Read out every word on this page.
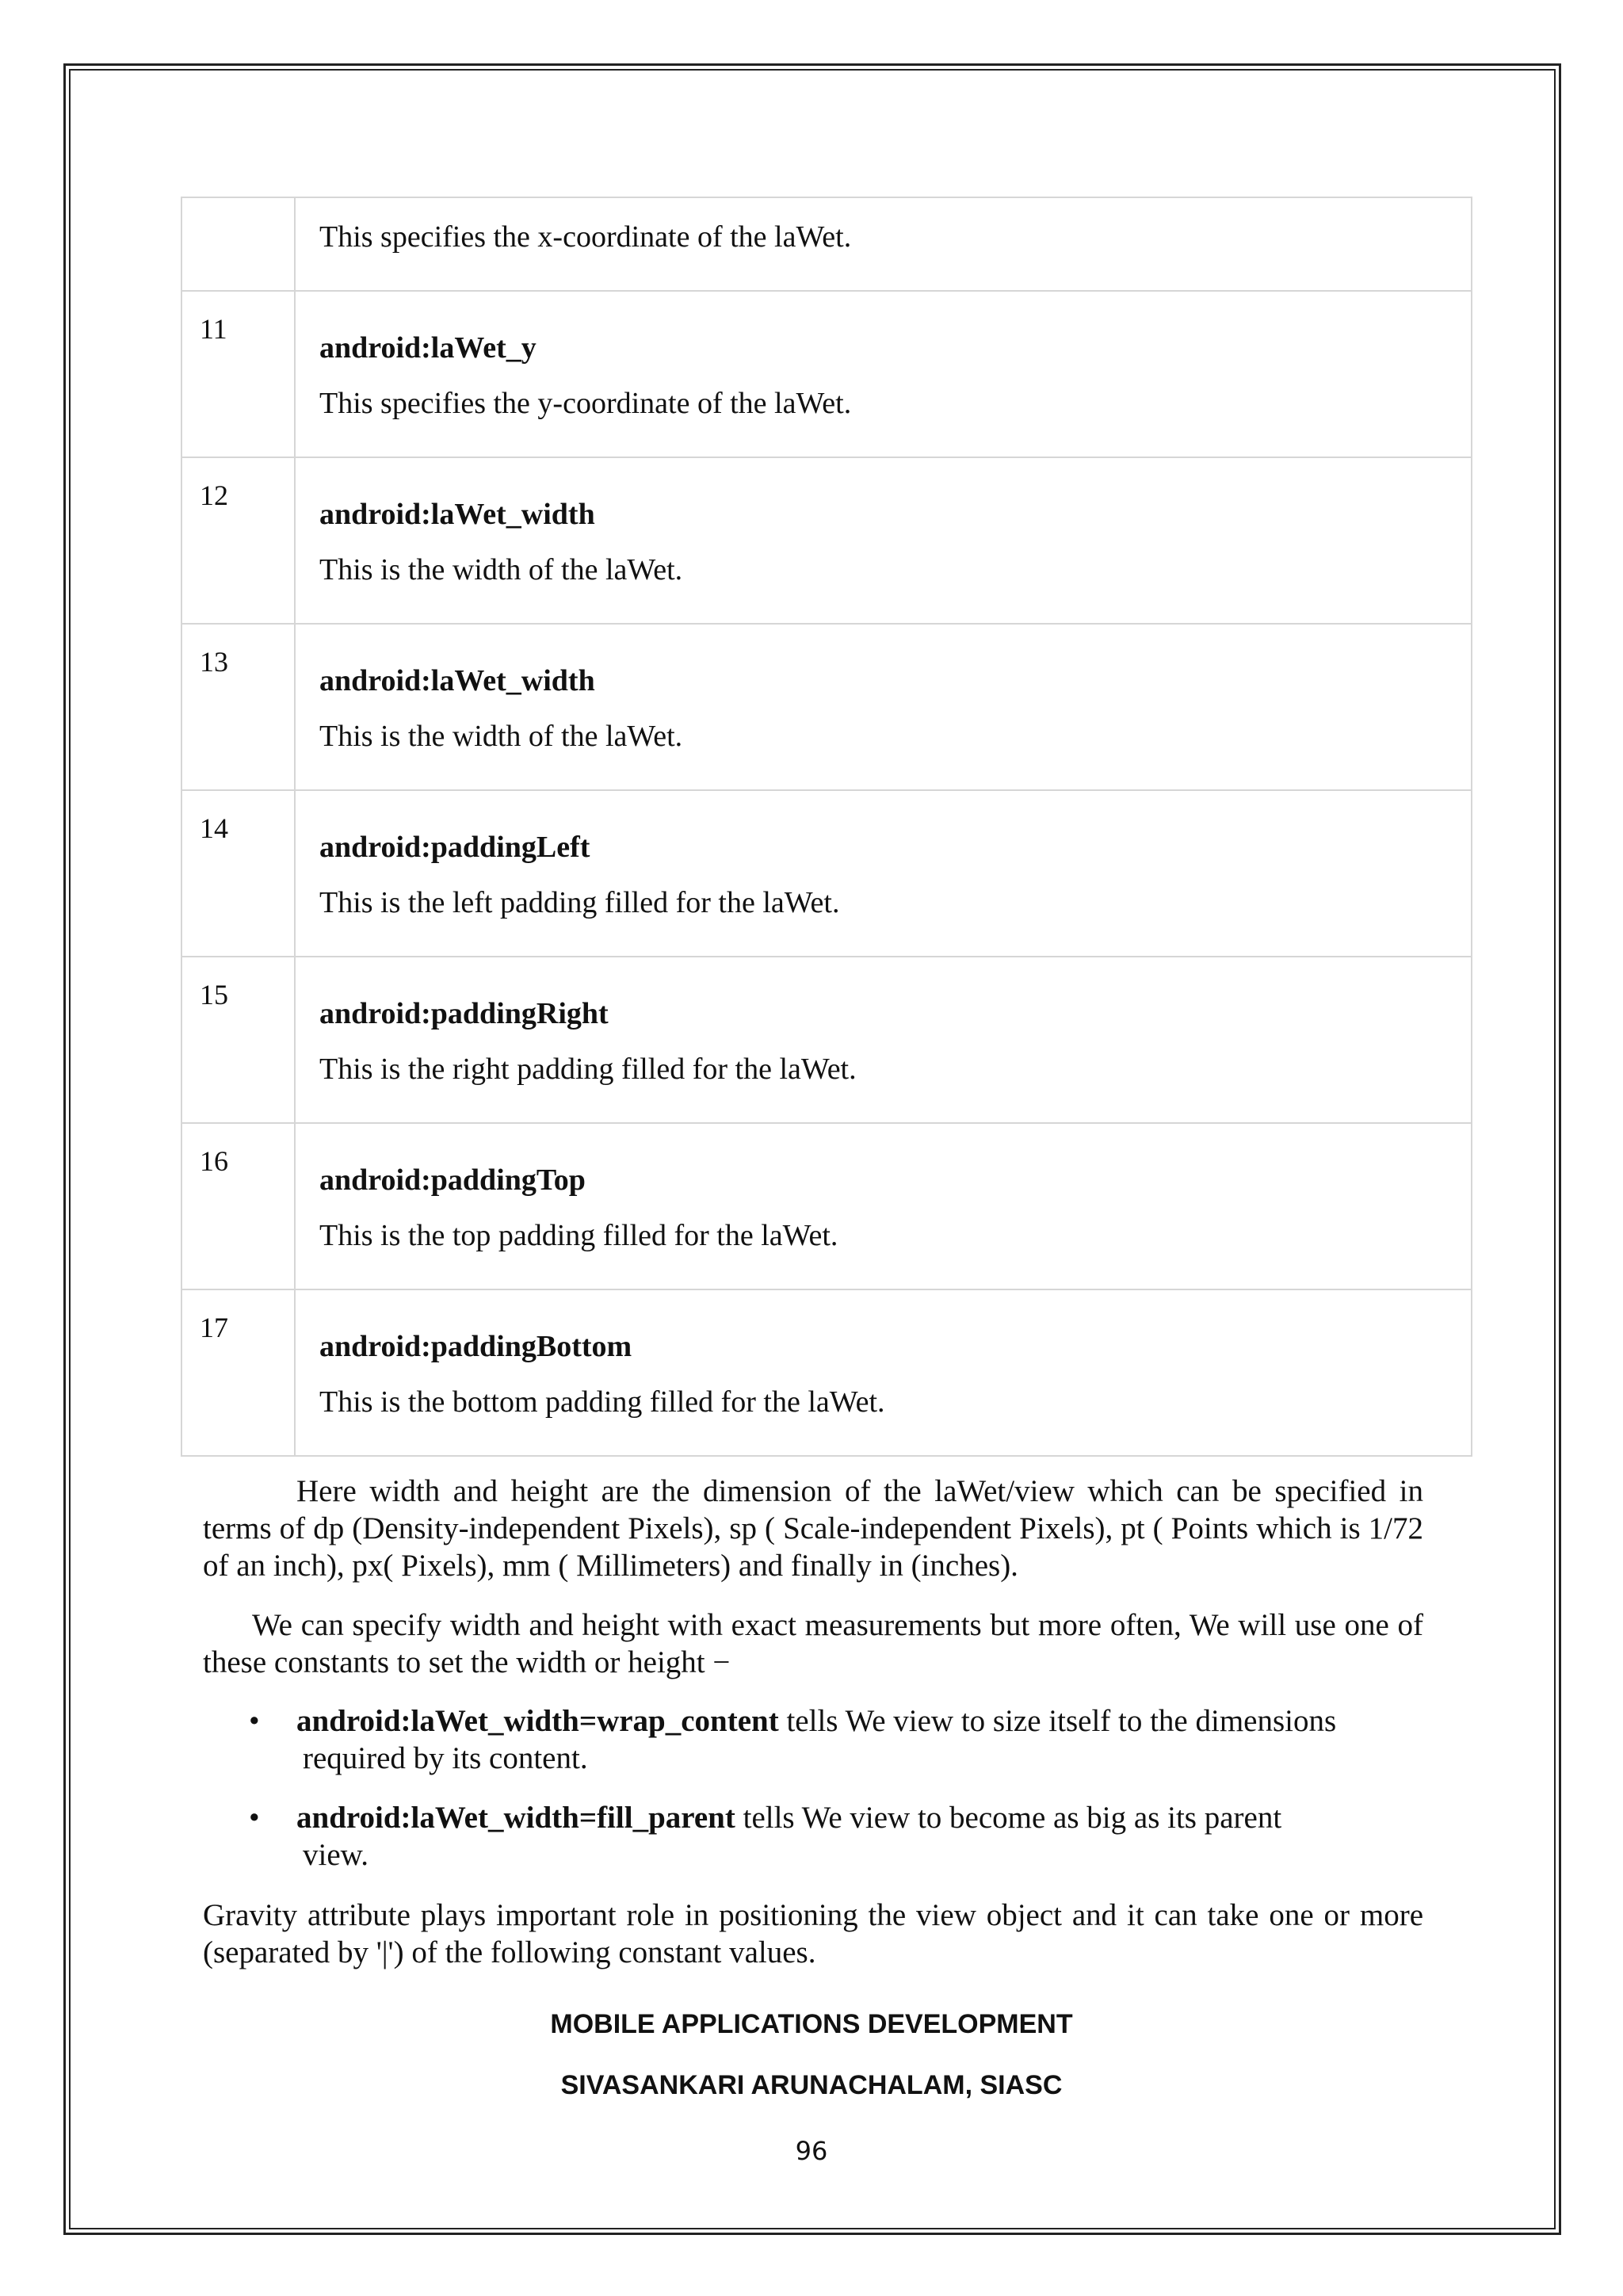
	This specifies the x-coordinate of the laWet.

11	android:laWet_y
This specifies the y-coordinate of the laWet.

12	android:laWet_width
This is the width of the laWet.

13	android:laWet_width
This is the width of the laWet.

14	android:paddingLeft
This is the left padding filled for the laWet.

15	android:paddingRight
This is the right padding filled for the laWet.

16	android:paddingTop
This is the top padding filled for the laWet.

17	android:paddingBottom
This is the bottom padding filled for the laWet.

Here width and height are the dimension of the laWet/view which can be specified in terms of dp (Density-independent Pixels), sp ( Scale-independent Pixels), pt ( Points which is 1/72 of an inch), px( Pixels), mm ( Millimeters) and finally in (inches).

We can specify width and height with exact measurements but more often, We will use one of these constants to set the width or height −

• android:laWet_width=wrap_content tells We view to size itself to the dimensions
required by its content.
• android:laWet_width=fill_parent tells We view to become as big as its parent
view.

Gravity attribute plays important role in positioning the view object and it can take one or more (separated by '|') of the following constant values.

MOBILE APPLICATIONS DEVELOPMENT
SIVASANKARI ARUNACHALAM, SIASC
96
